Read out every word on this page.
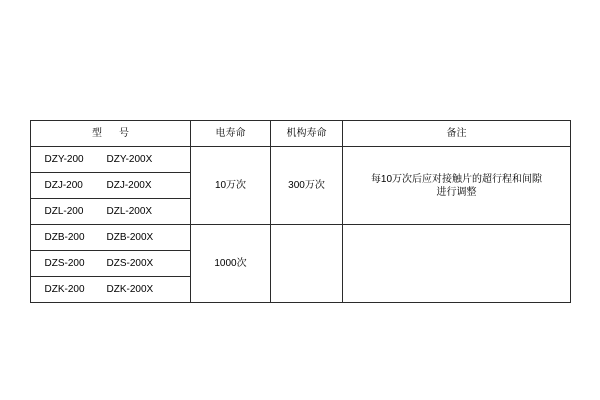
型　号	电寿命	机构寿命	备注
DZY-200 DZY-200X	10万次	300万次	每10万次后应对接触片的超行程和间隙
进行调整

DZJ-200 DZJ-200X			
DZL-200 DZL-200X			
DZB-200 DZB-200X	1000次		
DZS-200 DZS-200X			
DZK-200 DZK-200X			
